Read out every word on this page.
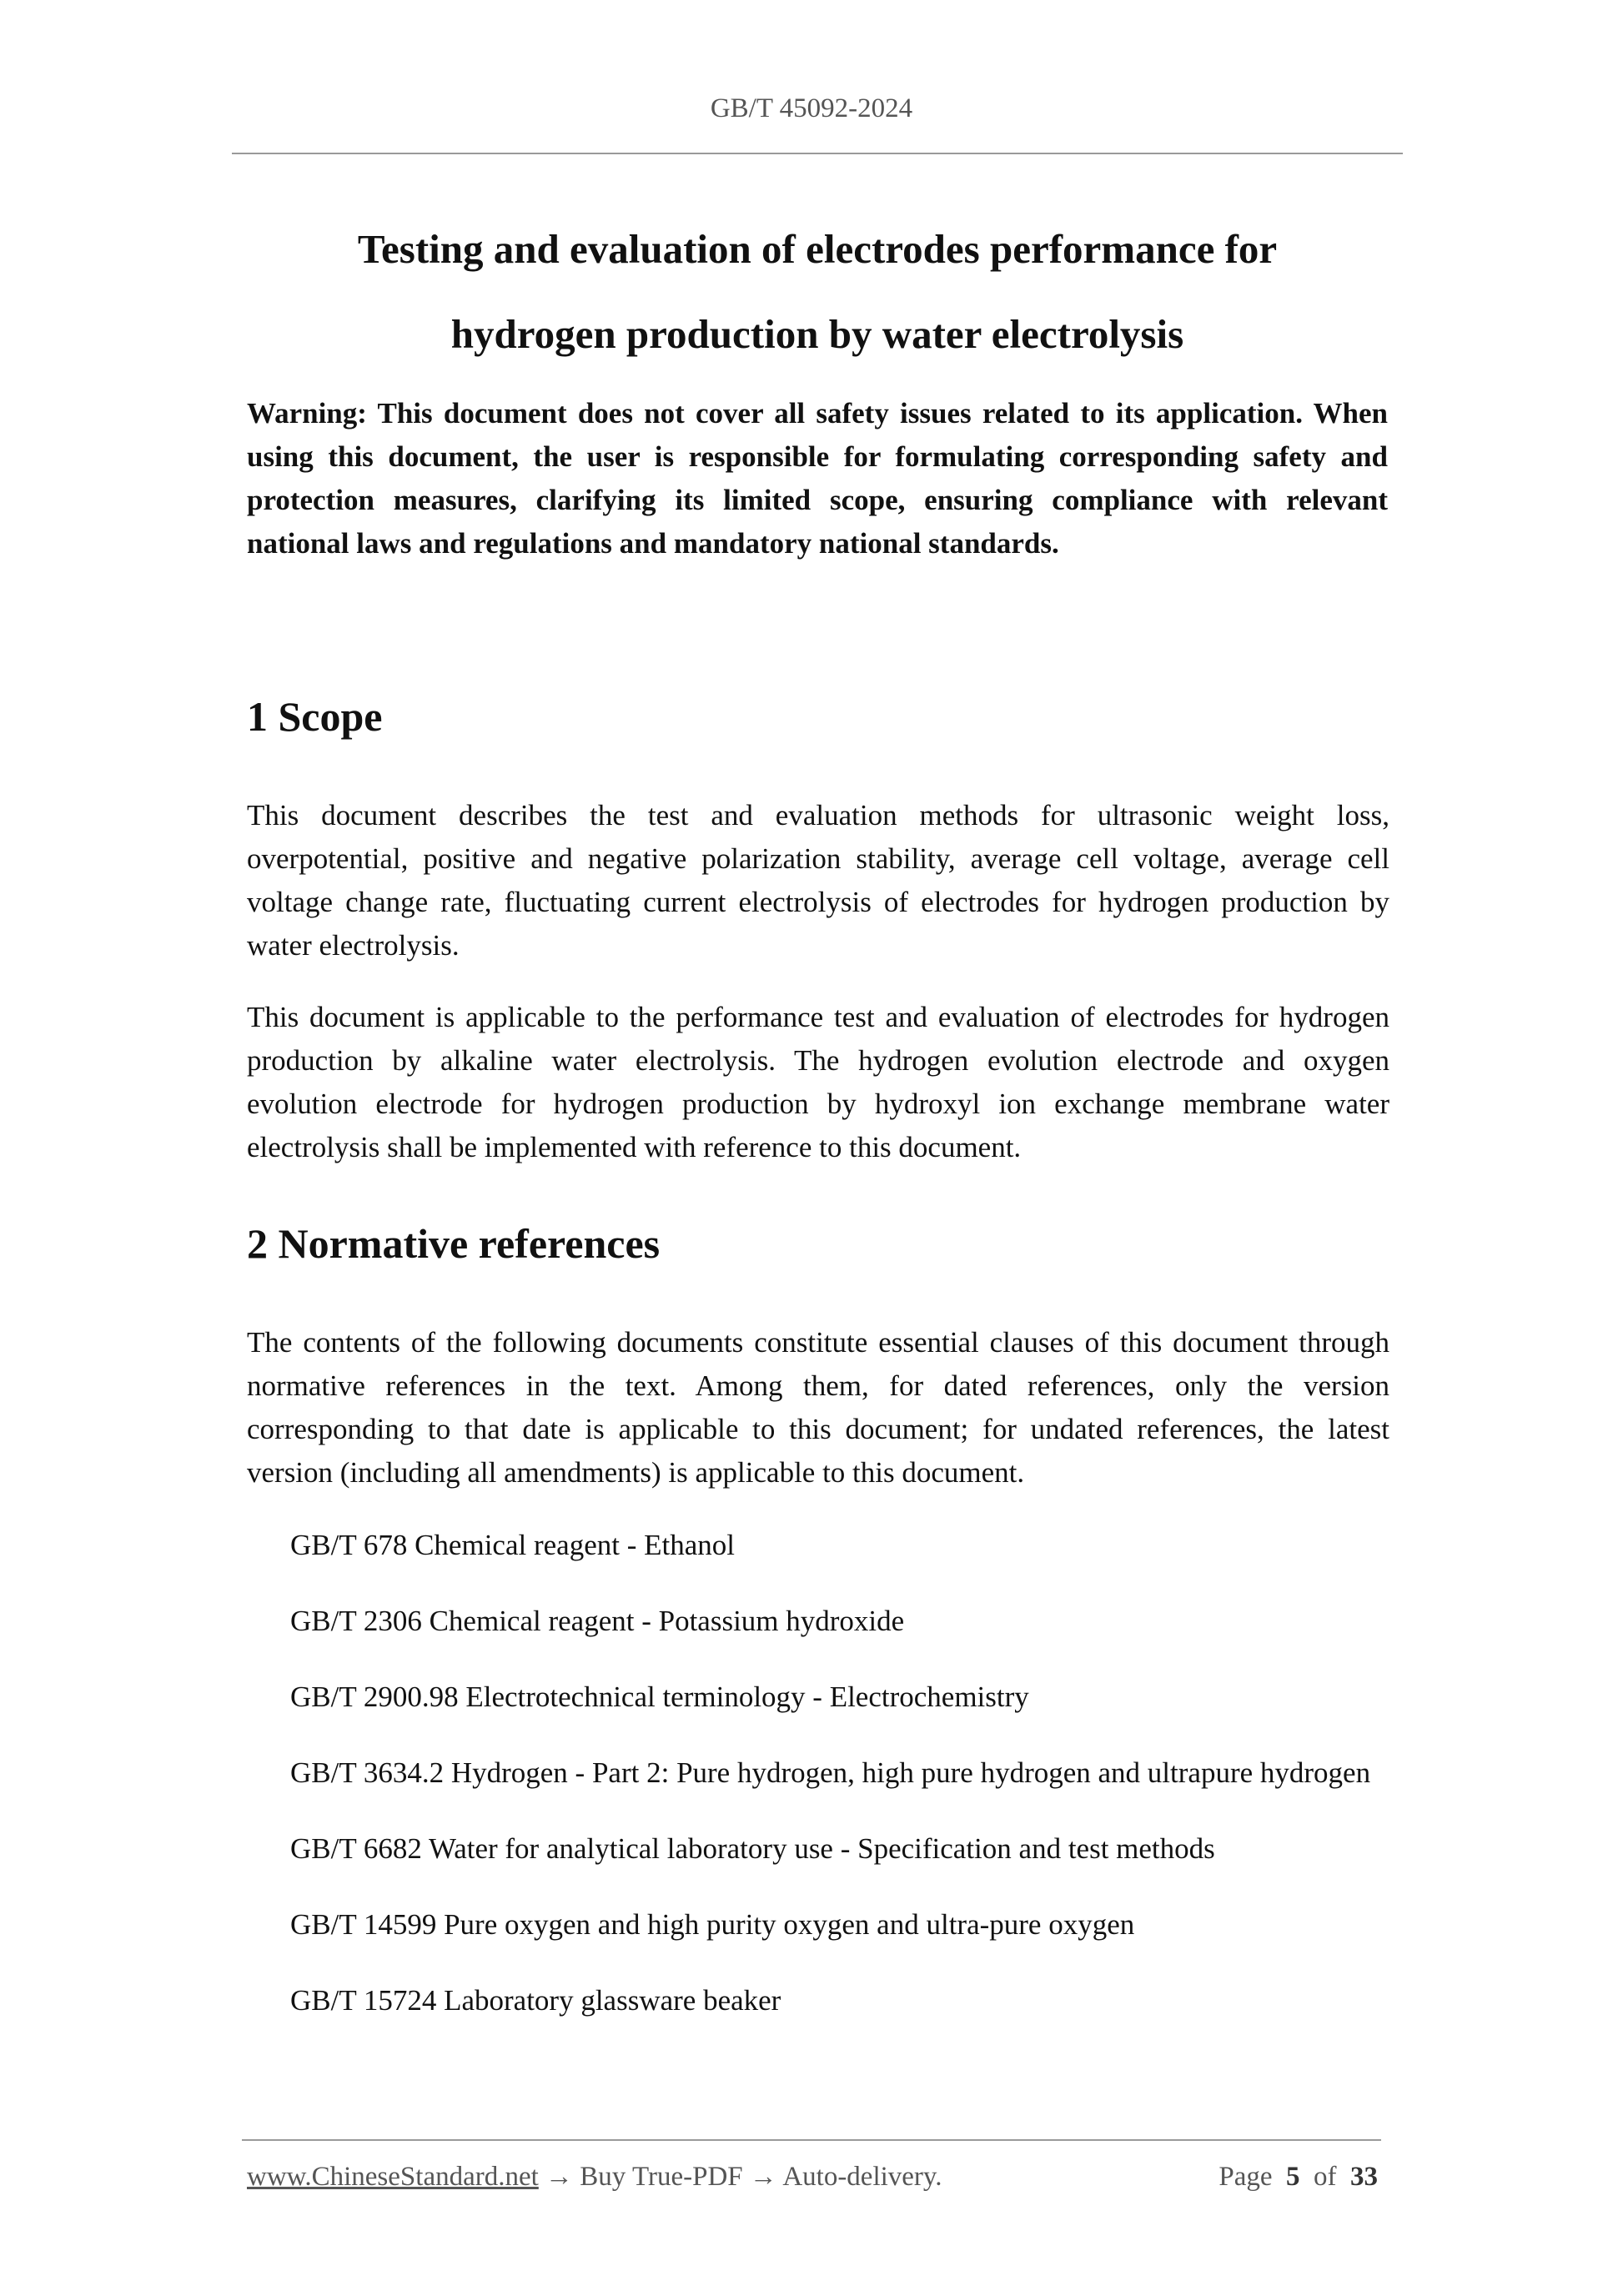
GB/T 45092-2024
Testing and evaluation of electrodes performance for
hydrogen production by water electrolysis
Warning: This document does not cover all safety issues related to its application. When using this document, the user is responsible for formulating corresponding safety and protection measures, clarifying its limited scope, ensuring compliance with relevant national laws and regulations and mandatory national standards.
1 Scope

This document describes the test and evaluation methods for ultrasonic weight loss, overpotential, positive and negative polarization stability, average cell voltage, average cell voltage change rate, fluctuating current electrolysis of electrodes for hydrogen production by water electrolysis.

This document is applicable to the performance test and evaluation of electrodes for hydrogen production by alkaline water electrolysis. The hydrogen evolution electrode and oxygen evolution electrode for hydrogen production by hydroxyl ion exchange membrane water electrolysis shall be implemented with reference to this document.

2 Normative references

The contents of the following documents constitute essential clauses of this document through normative references in the text. Among them, for dated references, only the version corresponding to that date is applicable to this document; for undated references, the latest version (including all amendments) is applicable to this document.

GB/T 678 Chemical reagent - Ethanol
GB/T 2306 Chemical reagent - Potassium hydroxide
GB/T 2900.98 Electrotechnical terminology - Electrochemistry
GB/T 3634.2 Hydrogen - Part 2: Pure hydrogen, high pure hydrogen and ultrapure hydrogen
GB/T 6682 Water for analytical laboratory use - Specification and test methods
GB/T 14599 Pure oxygen and high purity oxygen and ultra-pure oxygen
GB/T 15724 Laboratory glassware beaker
www.ChineseStandard.net → Buy True-PDF → Auto-delivery.	Page 5 of 33
